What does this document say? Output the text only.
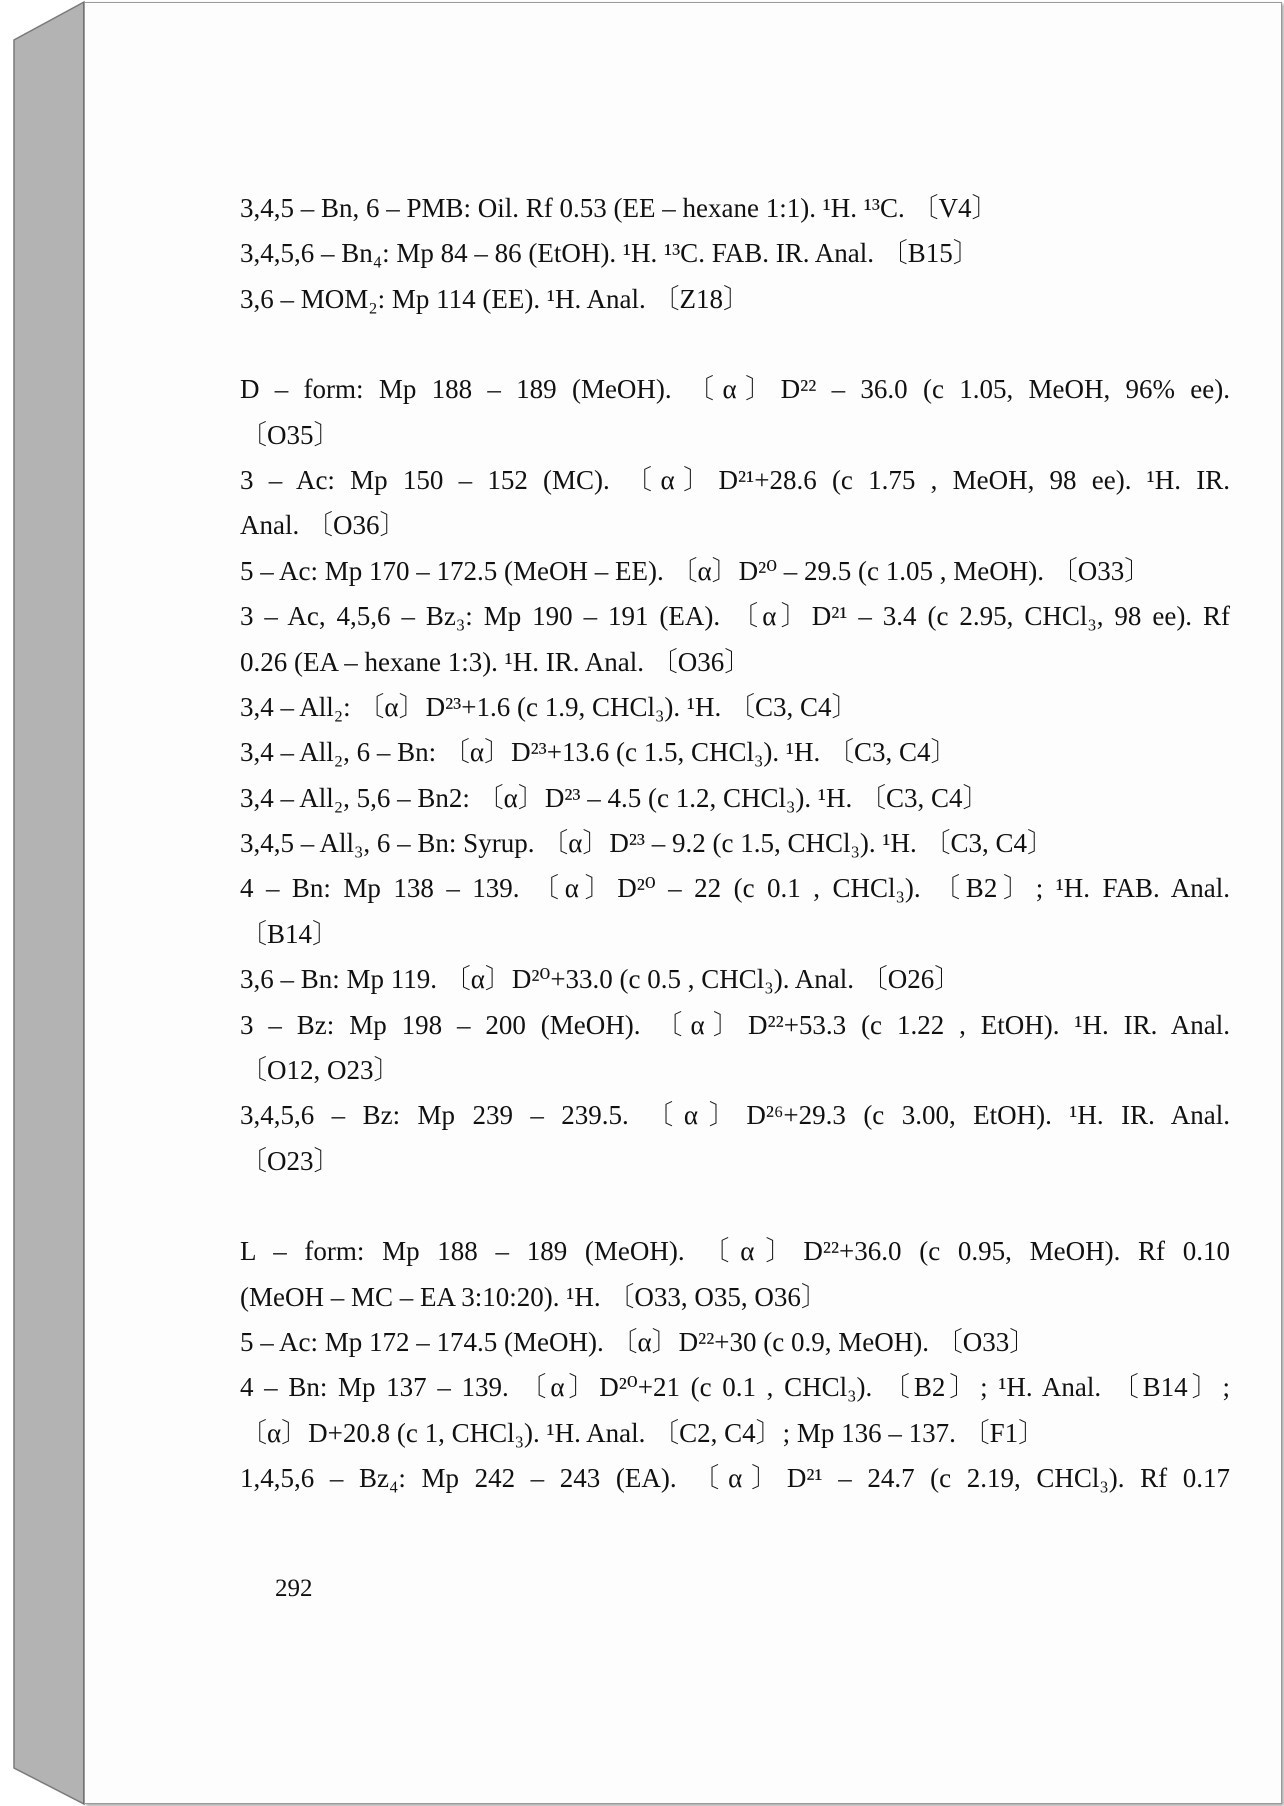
3,4,5 – Bn, 6 – PMB: Oil. Rf 0.53 (EE – hexane 1:1). ¹H. ¹³C. 〔V4〕
3,4,5,6 – Bn₄: Mp 84 – 86 (EtOH). ¹H. ¹³C. FAB. IR. Anal. 〔B15〕
3,6 – MOM₂: Mp 114 (EE). ¹H. Anal. 〔Z18〕
D – form: Mp 188 – 189 (MeOH). 〔α〕D²² – 36.0 (c 1.05, MeOH, 96% ee).
〔O35〕
3 – Ac: Mp 150 – 152 (MC). 〔α〕D²¹+28.6 (c 1.75 , MeOH, 98 ee). ¹H. IR.
Anal. 〔O36〕
5 – Ac: Mp 170 – 172.5 (MeOH – EE). 〔α〕D²⁰ – 29.5 (c 1.05 , MeOH). 〔O33〕
3 – Ac, 4,5,6 – Bz₃: Mp 190 – 191 (EA). 〔α〕D²¹ – 3.4 (c 2.95, CHCl₃, 98 ee). Rf
0.26 (EA – hexane 1:3). ¹H. IR. Anal. 〔O36〕
3,4 – All₂: 〔α〕D²³+1.6 (c 1.9, CHCl₃). ¹H. 〔C3, C4〕
3,4 – All₂, 6 – Bn: 〔α〕D²³+13.6 (c 1.5, CHCl₃). ¹H. 〔C3, C4〕
3,4 – All₂, 5,6 – Bn2: 〔α〕D²³ – 4.5 (c 1.2, CHCl₃). ¹H. 〔C3, C4〕
3,4,5 – All₃, 6 – Bn: Syrup. 〔α〕D²³ – 9.2 (c 1.5, CHCl₃). ¹H. 〔C3, C4〕
4 – Bn: Mp 138 – 139. 〔α〕D²⁰ – 22 (c 0.1 , CHCl₃). 〔B2〕; ¹H. FAB. Anal.
〔B14〕
3,6 – Bn: Mp 119. 〔α〕D²⁰+33.0 (c 0.5 , CHCl₃). Anal. 〔O26〕
3 – Bz: Mp 198 – 200 (MeOH). 〔α〕D²²+53.3 (c 1.22 , EtOH). ¹H. IR. Anal.
〔O12, O23〕
3,4,5,6 – Bz: Mp 239 – 239.5. 〔α〕D²⁶+29.3 (c 3.00, EtOH). ¹H. IR. Anal.
〔O23〕
L – form: Mp 188 – 189 (MeOH). 〔α〕D²²+36.0 (c 0.95, MeOH). Rf 0.10
(MeOH – MC – EA 3:10:20). ¹H. 〔O33, O35, O36〕
5 – Ac: Mp 172 – 174.5 (MeOH). 〔α〕D²²+30 (c 0.9, MeOH). 〔O33〕
4 – Bn: Mp 137 – 139. 〔α〕D²⁰+21 (c 0.1 , CHCl₃). 〔B2〕; ¹H. Anal. 〔B14〕;
〔α〕D+20.8 (c 1, CHCl₃). ¹H. Anal. 〔C2, C4〕; Mp 136 – 137. 〔F1〕
1,4,5,6 – Bz₄: Mp 242 – 243 (EA). 〔α〕D²¹ – 24.7 (c 2.19, CHCl₃). Rf 0.17
292
